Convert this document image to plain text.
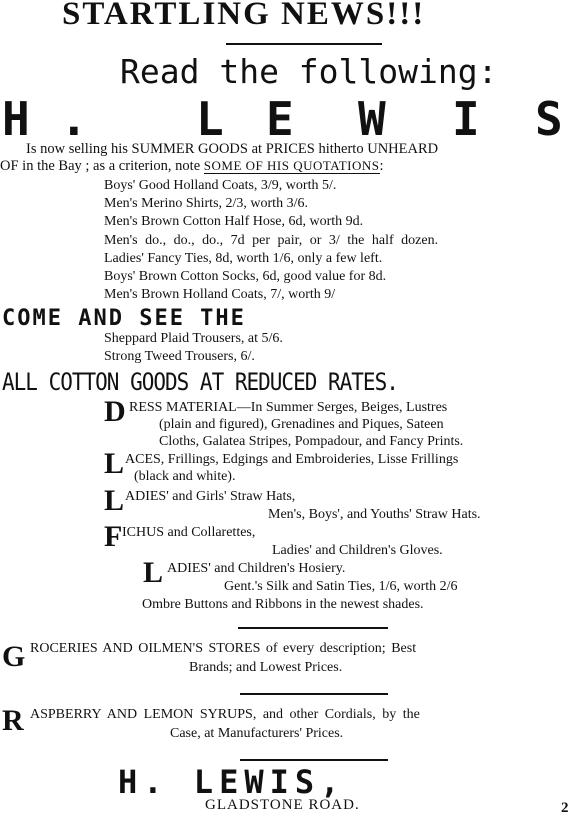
STARTLING NEWS!!!
Read the following:
H . L E W I S
Is now selling his SUMMER GOODS at PRICES hitherto UNHEARD
OF in the Bay ; as a criterion, note SOME OF HIS QUOTATIONS:
Boys' Good Holland Coats, 3/9, worth 5/.
Men's Merino Shirts, 2/3, worth 3/6.
Men's Brown Cotton Half Hose, 6d, worth 9d.
Men's do., do., do., 7d per pair, or 3/ the half dozen.
Ladies' Fancy Ties, 8d, worth 1/6, only a few left.
Boys' Brown Cotton Socks, 6d, good value for 8d.
Men's Brown Holland Coats, 7/, worth 9/
COME AND SEE THE
Sheppard Plaid Trousers, at 5/6.
Strong Tweed Trousers, 6/.
ALL COTTON GOODS AT REDUCED RATES.
D RESS MATERIAL—In Summer Serges, Beiges, Lustres
(plain and figured), Grenadines and Piques, Sateen
Cloths, Galatea Stripes, Pompadour, and Fancy Prints.
L ACES, Frillings, Edgings and Embroideries, Lisse Frillings
(black and white).
L ADIES' and Girls' Straw Hats,
Men's, Boys', and Youths' Straw Hats.
F ICHUS and Collarettes,
Ladies' and Children's Gloves.
L ADIES' and Children's Hosiery.
Gent.'s Silk and Satin Ties, 1/6, worth 2/6
Ombre Buttons and Ribbons in the newest shades.
G ROCERIES AND OILMEN'S STORES of every description; Best
Brands; and Lowest Prices.
R ASPBERRY AND LEMON SYRUPS, and other Cordials, by the
Case, at Manufacturers' Prices.
H. LEWIS,
GLADSTONE ROAD.	2
